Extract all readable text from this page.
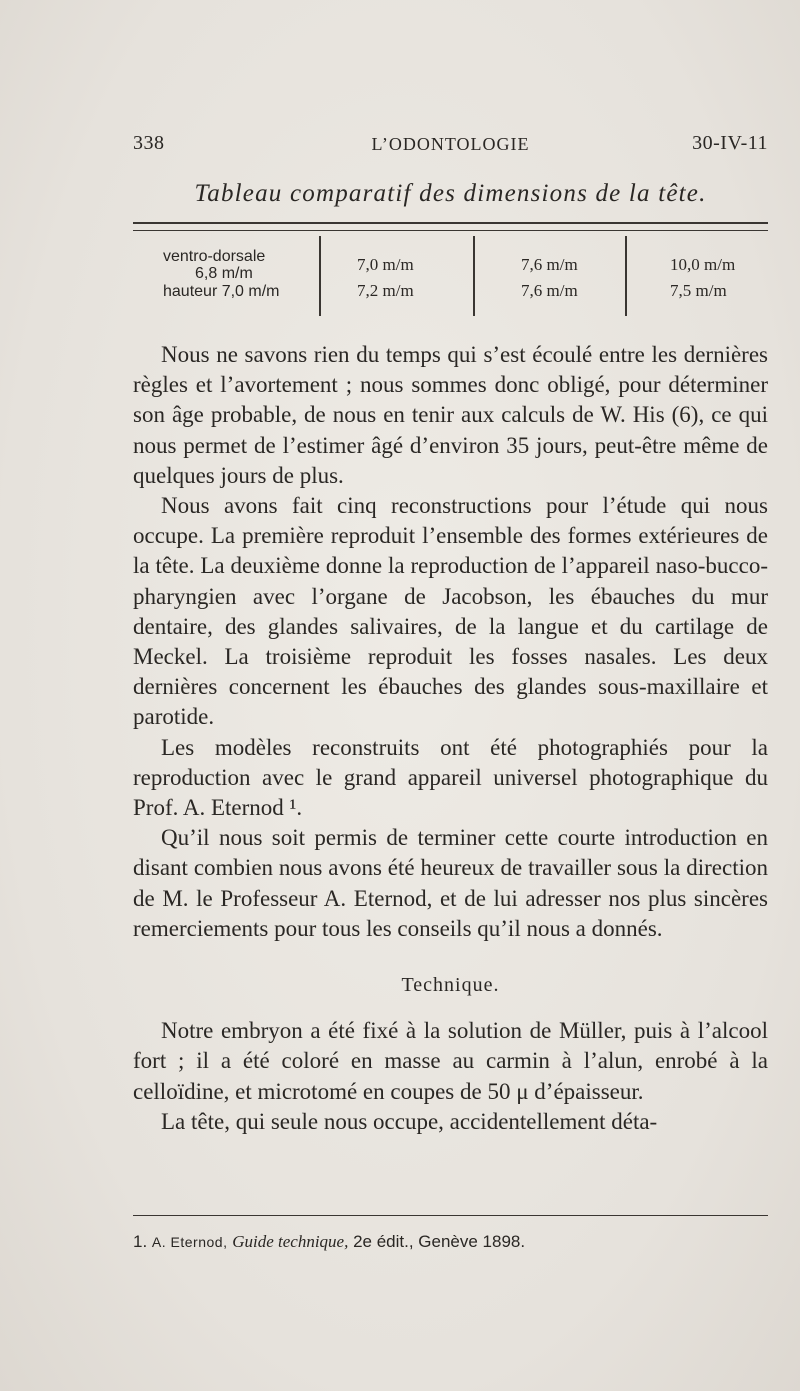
338	L’ODONTOLOGIE	30-IV-11
Tableau comparatif des dimensions de la tête.
ventro-dorsale
6,8 m/m
hauteur 7,0 m/m
7,0 m/m
7,2 m/m
7,6 m/m
7,6 m/m
10,0 m/m
7,5 m/m

Nous ne savons rien du temps qui s’est écoulé entre les dernières règles et l’avortement ; nous sommes donc obligé, pour déterminer son âge probable, de nous en tenir aux calculs de W. His (6), ce qui nous permet de l’estimer âgé d’environ 35 jours, peut-être même de quelques jours de plus.

Nous avons fait cinq reconstructions pour l’étude qui nous occupe. La première reproduit l’ensemble des formes extérieures de la tête. La deuxième donne la reproduction de l’appareil naso-bucco-pharyngien avec l’organe de Jacobson, les ébauches du mur dentaire, des glandes salivaires, de la langue et du cartilage de Meckel. La troisième reproduit les fosses nasales. Les deux dernières concernent les ébauches des glandes sous-maxillaire et parotide.

Les modèles reconstruits ont été photographiés pour la reproduction avec le grand appareil universel photographique du Prof. A. Eternod ¹.

Qu’il nous soit permis de terminer cette courte introduction en disant combien nous avons été heureux de travailler sous la direction de M. le Professeur A. Eternod, et de lui adresser nos plus sincères remerciements pour tous les conseils qu’il nous a donnés.

Technique.

Notre embryon a été fixé à la solution de Müller, puis à l’alcool fort ; il a été coloré en masse au carmin à l’alun, enrobé à la celloïdine, et microtomé en coupes de 50 μ d’épaisseur.

La tête, qui seule nous occupe, accidentellement déta-

1. A. Eternod, Guide technique, 2e édit., Genève 1898.
